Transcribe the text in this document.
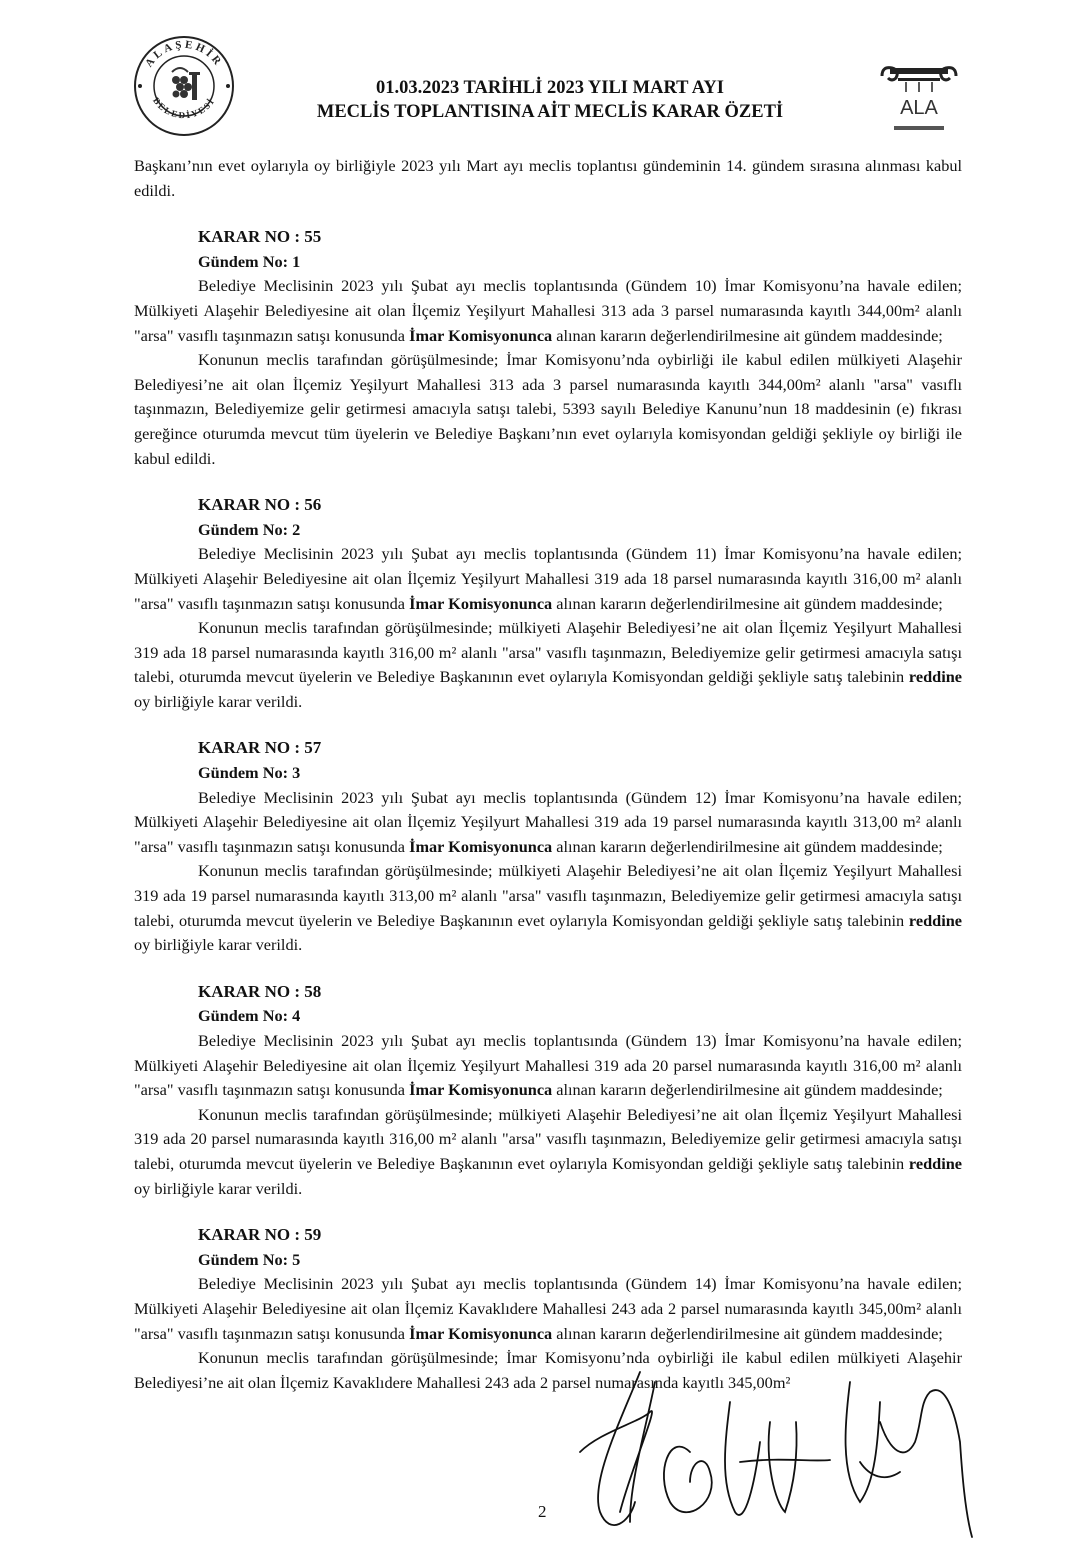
ALAŞEHİR
BELEDİYESİ
01.03.2023 TARİHLİ 2023 YILI MART AYI
MECLİS TOPLANTISINA AİT MECLİS KARAR ÖZETİ	ALA

Başkanı’nın evet oylarıyla oy birliğiyle 2023 yılı Mart ayı meclis toplantısı gündeminin 14. gündem sırasına alınması kabul edildi.

KARAR NO : 55
Gündem No: 1

Belediye Meclisinin 2023 yılı Şubat ayı meclis toplantısında (Gündem 10) İmar Komisyonu’na havale edilen; Mülkiyeti Alaşehir Belediyesine ait olan İlçemiz Yeşilyurt Mahallesi 313 ada 3 parsel numarasında kayıtlı 344,00m² alanlı "arsa" vasıflı taşınmazın satışı konusunda İmar Komisyonunca alınan kararın değerlendirilmesine ait gündem maddesinde;

Konunun meclis tarafından görüşülmesinde; İmar Komisyonu’nda oybirliği ile kabul edilen mülkiyeti Alaşehir Belediyesi’ne ait olan İlçemiz Yeşilyurt Mahallesi 313 ada 3 parsel numarasında kayıtlı 344,00m² alanlı "arsa" vasıflı taşınmazın, Belediyemize gelir getirmesi amacıyla satışı talebi, 5393 sayılı Belediye Kanunu’nun 18 maddesinin (e) fıkrası gereğince oturumda mevcut tüm üyelerin ve Belediye Başkanı’nın evet oylarıyla komisyondan geldiği şekliyle oy birliği ile kabul edildi.

KARAR NO : 56
Gündem No: 2

Belediye Meclisinin 2023 yılı Şubat ayı meclis toplantısında (Gündem 11) İmar Komisyonu’na havale edilen; Mülkiyeti Alaşehir Belediyesine ait olan İlçemiz Yeşilyurt Mahallesi 319 ada 18 parsel numarasında kayıtlı 316,00 m² alanlı "arsa" vasıflı taşınmazın satışı konusunda İmar Komisyonunca alınan kararın değerlendirilmesine ait gündem maddesinde;

Konunun meclis tarafından görüşülmesinde; mülkiyeti Alaşehir Belediyesi’ne ait olan İlçemiz Yeşilyurt Mahallesi 319 ada 18 parsel numarasında kayıtlı 316,00 m² alanlı "arsa" vasıflı taşınmazın, Belediyemize gelir getirmesi amacıyla satışı talebi, oturumda mevcut üyelerin ve Belediye Başkanının evet oylarıyla Komisyondan geldiği şekliyle satış talebinin reddine oy birliğiyle karar verildi.

KARAR NO : 57
Gündem No: 3

Belediye Meclisinin 2023 yılı Şubat ayı meclis toplantısında (Gündem 12) İmar Komisyonu’na havale edilen; Mülkiyeti Alaşehir Belediyesine ait olan İlçemiz Yeşilyurt Mahallesi 319 ada 19 parsel numarasında kayıtlı 313,00 m² alanlı "arsa" vasıflı taşınmazın satışı konusunda İmar Komisyonunca alınan kararın değerlendirilmesine ait gündem maddesinde;

Konunun meclis tarafından görüşülmesinde; mülkiyeti Alaşehir Belediyesi’ne ait olan İlçemiz Yeşilyurt Mahallesi 319 ada 19 parsel numarasında kayıtlı 313,00 m² alanlı "arsa" vasıflı taşınmazın, Belediyemize gelir getirmesi amacıyla satışı talebi, oturumda mevcut üyelerin ve Belediye Başkanının evet oylarıyla Komisyondan geldiği şekliyle satış talebinin reddine oy birliğiyle karar verildi.

KARAR NO : 58
Gündem No: 4

Belediye Meclisinin 2023 yılı Şubat ayı meclis toplantısında (Gündem 13) İmar Komisyonu’na havale edilen; Mülkiyeti Alaşehir Belediyesine ait olan İlçemiz Yeşilyurt Mahallesi 319 ada 20 parsel numarasında kayıtlı 316,00 m² alanlı "arsa" vasıflı taşınmazın satışı konusunda İmar Komisyonunca alınan kararın değerlendirilmesine ait gündem maddesinde;

Konunun meclis tarafından görüşülmesinde; mülkiyeti Alaşehir Belediyesi’ne ait olan İlçemiz Yeşilyurt Mahallesi 319 ada 20 parsel numarasında kayıtlı 316,00 m² alanlı "arsa" vasıflı taşınmazın, Belediyemize gelir getirmesi amacıyla satışı talebi, oturumda mevcut üyelerin ve Belediye Başkanının evet oylarıyla Komisyondan geldiği şekliyle satış talebinin reddine oy birliğiyle karar verildi.

KARAR NO : 59
Gündem No: 5

Belediye Meclisinin 2023 yılı Şubat ayı meclis toplantısında (Gündem 14) İmar Komisyonu’na havale edilen; Mülkiyeti Alaşehir Belediyesine ait olan İlçemiz Kavaklıdere Mahallesi 243 ada 2 parsel numarasında kayıtlı 345,00m² alanlı "arsa" vasıflı taşınmazın satışı konusunda İmar Komisyonunca alınan kararın değerlendirilmesine ait gündem maddesinde;

Konunun meclis tarafından görüşülmesinde; İmar Komisyonu’nda oybirliği ile kabul edilen mülkiyeti Alaşehir Belediyesi’ne ait olan İlçemiz Kavaklıdere Mahallesi 243 ada 2 parsel numarasında kayıtlı 345,00m²

2
